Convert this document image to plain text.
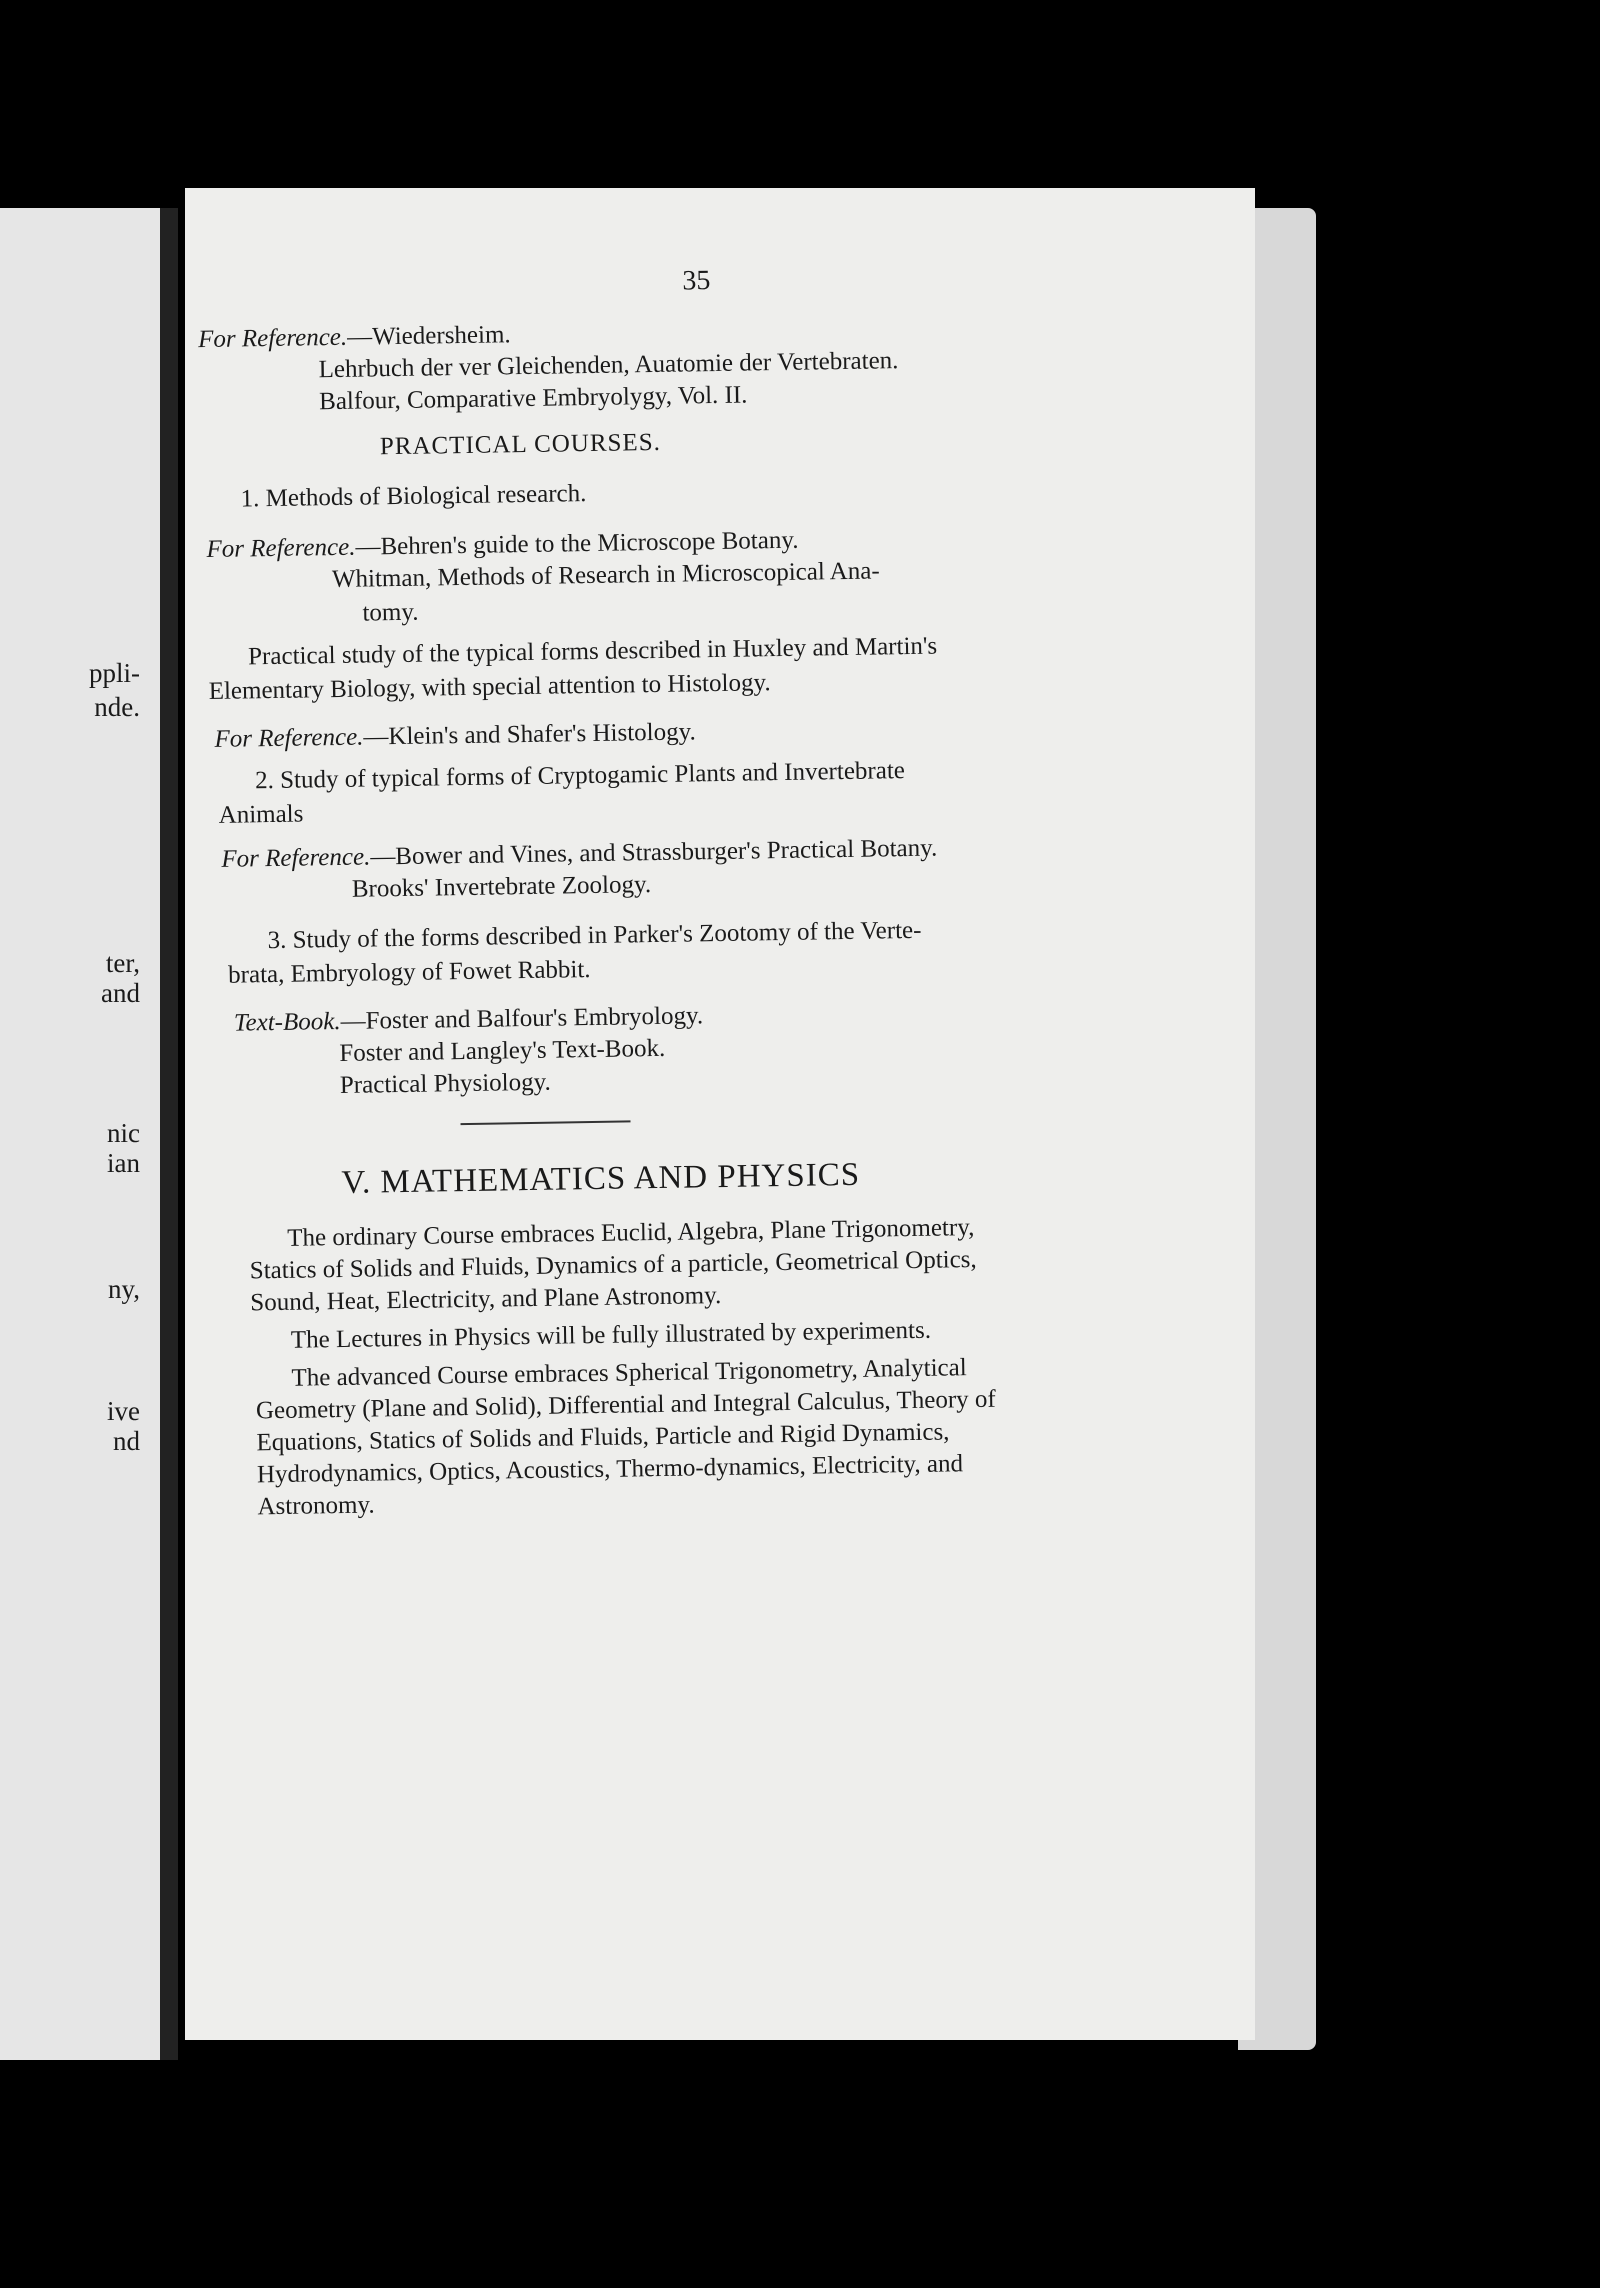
ppli-
nde.
ter,
and
nic
ian
ny,
ive
nd
35
For Reference.—Wiedersheim.
Lehrbuch der ver Gleichenden, Auatomie der Vertebraten.
Balfour, Comparative Embryolygy, Vol. II.
PRACTICAL COURSES.
1. Methods of Biological research.
For Reference.—Behren's guide to the Microscope Botany.
Whitman, Methods of Research in Microscopical Ana-
tomy.
Practical study of the typical forms described in Huxley and Martin's
Elementary Biology, with special attention to Histology.
For Reference.—Klein's and Shafer's Histology.
2. Study of typical forms of Cryptogamic Plants and Invertebrate
Animals
For Reference.—Bower and Vines, and Strassburger's Practical Botany.
Brooks' Invertebrate Zoology.
3. Study of the forms described in Parker's Zootomy of the Verte-
brata, Embryology of Fowet Rabbit.
Text-Book.—Foster and Balfour's Embryology.
Foster and Langley's Text-Book.
Practical Physiology.
V. MATHEMATICS AND PHYSICS
The ordinary Course embraces Euclid, Algebra, Plane Trigonometry,
Statics of Solids and Fluids, Dynamics of a particle, Geometrical Optics,
Sound, Heat, Electricity, and Plane Astronomy.
The Lectures in Physics will be fully illustrated by experiments.
The advanced Course embraces Spherical Trigonometry, Analytical
Geometry (Plane and Solid), Differential and Integral Calculus, Theory of
Equations, Statics of Solids and Fluids, Particle and Rigid Dynamics,
Hydrodynamics, Optics, Acoustics, Thermo-dynamics, Electricity, and
Astronomy.
